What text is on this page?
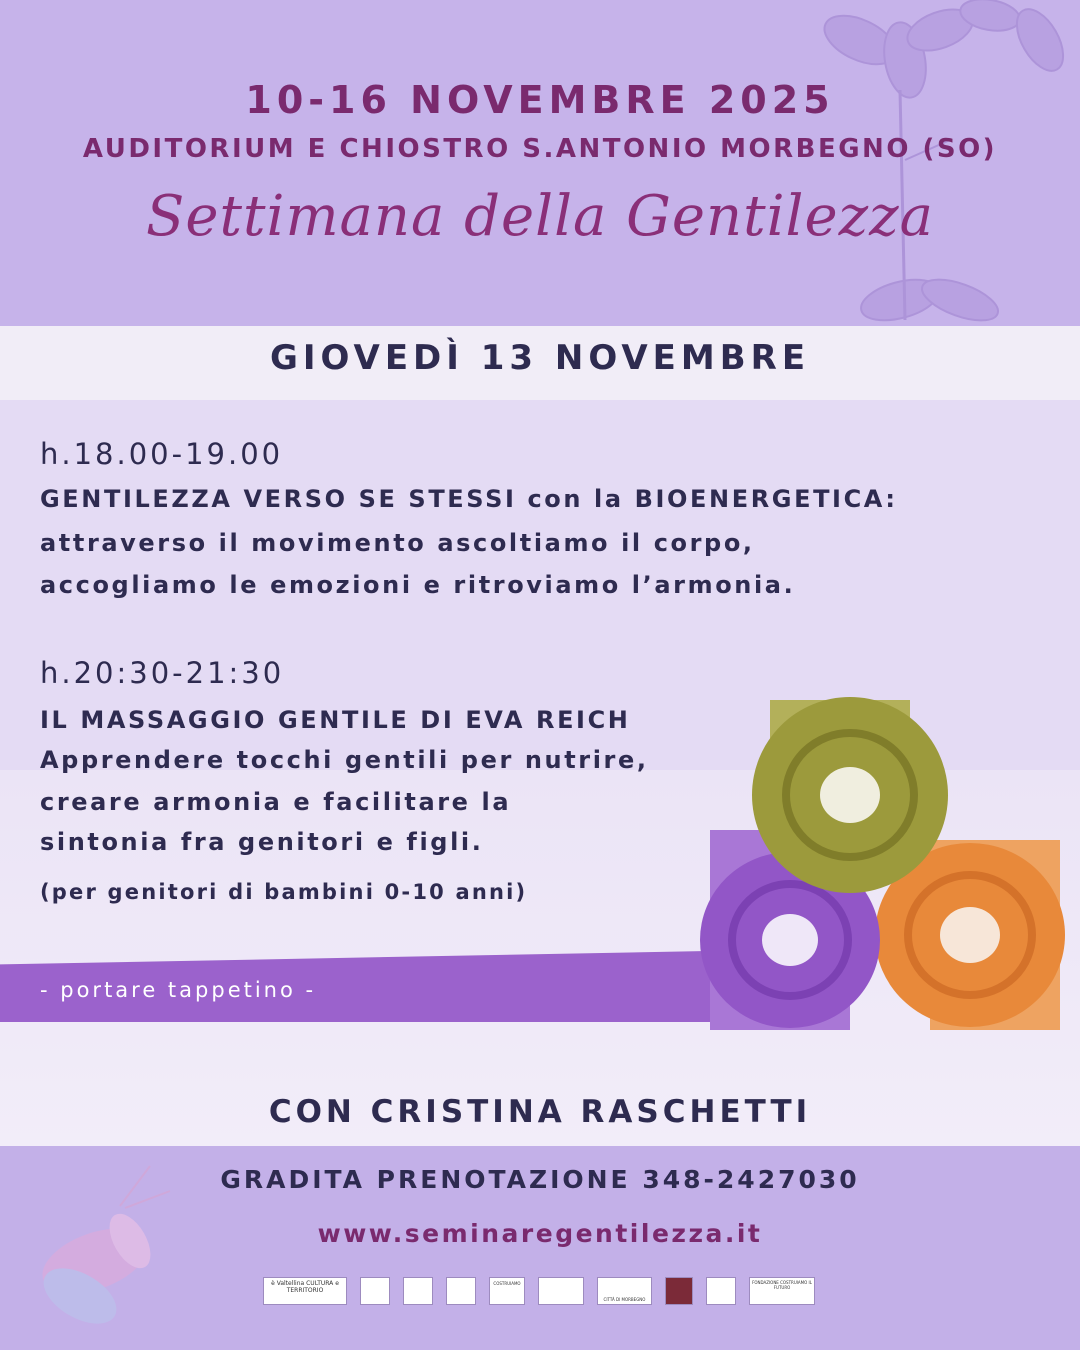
10-16 NOVEMBRE 2025
AUDITORIUM E CHIOSTRO S.ANTONIO MORBEGNO (SO)
Settimana della Gentilezza
GIOVEDÌ 13 NOVEMBRE
h.18.00-19.00
GENTILEZZA VERSO SE STESSI con la BIOENERGETICA:
attraverso il movimento ascoltiamo il corpo,
accogliamo le emozioni e ritroviamo l’armonia.
h.20:30-21:30
IL MASSAGGIO GENTILE DI EVA REICH
Apprendere tocchi gentili per nutrire,
creare armonia e facilitare la
sintonia fra genitori e figli.
(per genitori di bambini 0-10 anni)
- portare tappetino -
CON CRISTINA RASCHETTI
GRADITA PRENOTAZIONE 348-2427030
www.seminaregentilezza.it
è Valtellina CULTURA e TERRITORIO
COSTRUIAMO
CITTÀ DI MORBEGNO
FONDAZIONE COSTRUIAMO IL FUTURO
